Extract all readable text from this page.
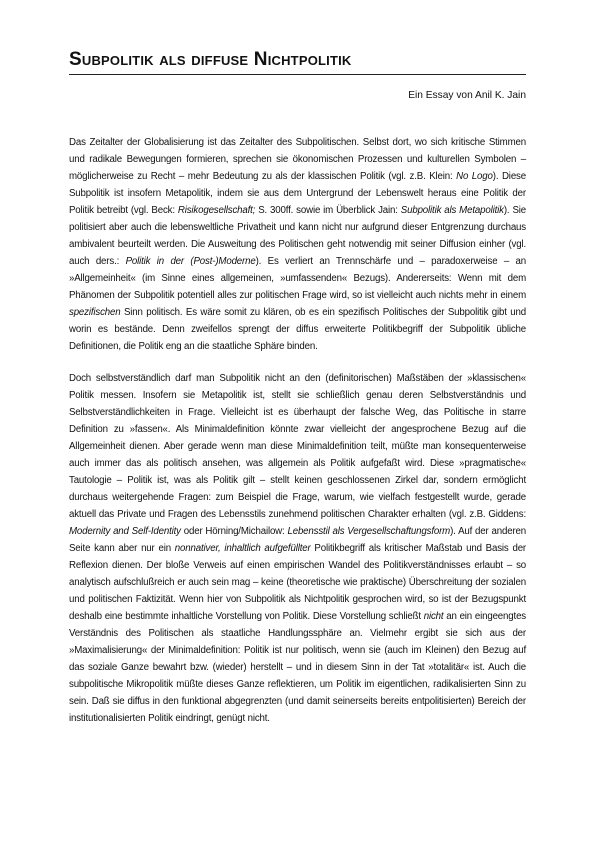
Subpolitik als diffuse Nichtpolitik
Ein Essay von Anil K. Jain

Das Zeitalter der Globalisierung ist das Zeitalter des Subpolitischen. Selbst dort, wo sich kritische Stimmen und radikale Bewegungen formieren, sprechen sie ökonomischen Prozessen und kulturellen Symbolen – möglicherweise zu Recht – mehr Bedeutung zu als der klassischen Politik (vgl. z.B. Klein: No Logo). Diese Subpolitik ist insofern Metapolitik, indem sie aus dem Untergrund der Lebenswelt heraus eine Politik der Politik betreibt (vgl. Beck: Risikogesellschaft; S. 300ff. sowie im Überblick Jain: Subpolitik als Metapolitik). Sie politisiert aber auch die lebensweltliche Privatheit und kann nicht nur aufgrund dieser Entgrenzung durchaus ambivalent beurteilt werden. Die Ausweitung des Politischen geht notwendig mit seiner Diffusion einher (vgl. auch ders.: Politik in der (Post-)Moderne). Es verliert an Trennschärfe und – paradoxerweise – an »Allgemeinheit« (im Sinne eines allgemeinen, »umfassenden« Bezugs). Andererseits: Wenn mit dem Phänomen der Subpolitik potentiell alles zur politischen Frage wird, so ist vielleicht auch nichts mehr in einem spezifischen Sinn politisch. Es wäre somit zu klären, ob es ein spezifisch Politisches der Subpolitik gibt und worin es bestände. Denn zweifellos sprengt der diffus erweiterte Politikbegriff der Subpolitik übliche Definitionen, die Politik eng an die staatliche Sphäre binden.

Doch selbstverständlich darf man Subpolitik nicht an den (definitorischen) Maßstäben der »klassischen« Politik messen. Insofern sie Metapolitik ist, stellt sie schließlich genau deren Selbstverständnis und Selbstverständlichkeiten in Frage. Vielleicht ist es überhaupt der falsche Weg, das Politische in starre Definition zu »fassen«. Als Minimaldefinition könnte zwar vielleicht der angesprochene Bezug auf die Allgemeinheit dienen. Aber gerade wenn man diese Minimaldefinition teilt, müßte man konsequenterweise auch immer das als politisch ansehen, was allgemein als Politik aufgefaßt wird. Diese »pragmatische« Tautologie – Politik ist, was als Politik gilt – stellt keinen geschlossenen Zirkel dar, sondern ermöglicht durchaus weitergehende Fragen: zum Beispiel die Frage, warum, wie vielfach festgestellt wurde, gerade aktuell das Private und Fragen des Lebensstils zunehmend politischen Charakter erhalten (vgl. z.B. Giddens: Modernity and Self-Identity oder Hörning/Michailow: Lebensstil als Vergesellschaftungsform). Auf der anderen Seite kann aber nur ein nonnativer, inhaltlich aufgefüllter Politikbegriff als kritischer Maßstab und Basis der Reflexion dienen. Der bloße Verweis auf einen empirischen Wandel des Politikverständnisses erlaubt – so analytisch aufschlußreich er auch sein mag – keine (theoretische wie praktische) Überschreitung der sozialen und politischen Faktizität. Wenn hier von Subpolitik als Nichtpolitik gesprochen wird, so ist der Bezugspunkt deshalb eine bestimmte inhaltliche Vorstellung von Politik. Diese Vorstellung schließt nicht an ein eingeengtes Verständnis des Politischen als staatliche Handlungssphäre an. Vielmehr ergibt sie sich aus der »Maximalisierung« der Minimaldefinition: Politik ist nur politisch, wenn sie (auch im Kleinen) den Bezug auf das soziale Ganze bewahrt bzw. (wieder) herstellt – und in diesem Sinn in der Tat »totalitär« ist. Auch die subpolitische Mikropolitik müßte dieses Ganze reflektieren, um Politik im eigentlichen, radikalisierten Sinn zu sein. Daß sie diffus in den funktional abgegrenzten (und damit seinerseits bereits entpolitisierten) Bereich der institutionalisierten Politik eindringt, genügt nicht.
